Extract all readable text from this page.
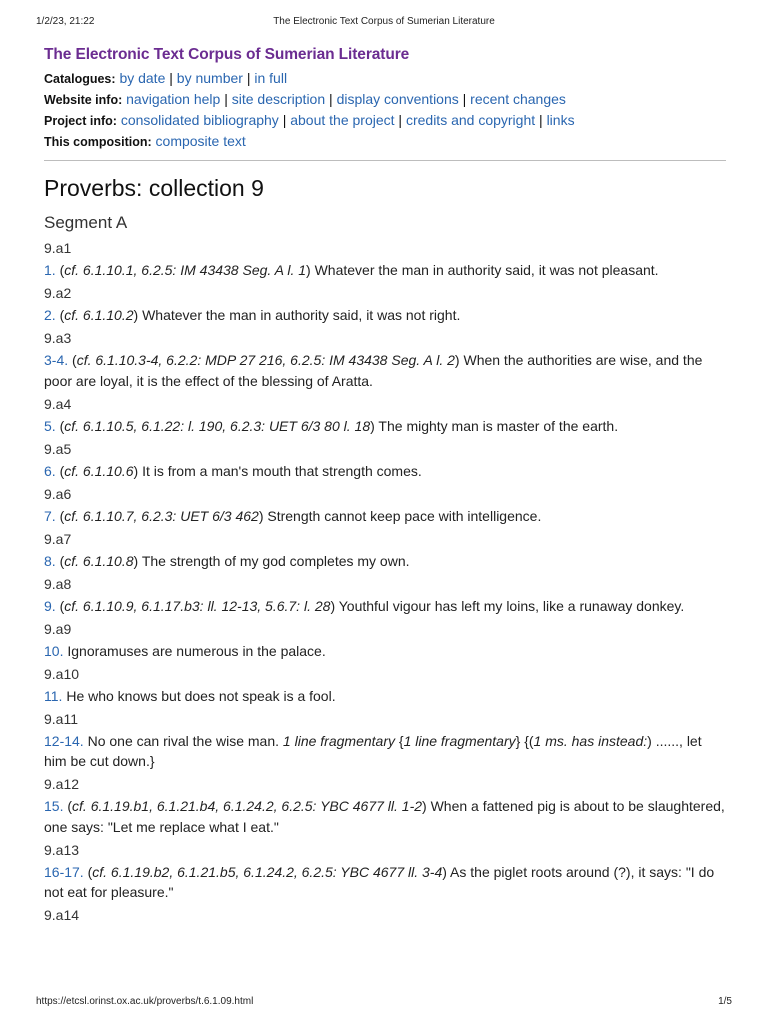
1/2/23, 21:22	The Electronic Text Corpus of Sumerian Literature
The Electronic Text Corpus of Sumerian Literature
Catalogues: by date | by number | in full
Website info: navigation help | site description | display conventions | recent changes
Project info: consolidated bibliography | about the project | credits and copyright | links
This composition: composite text
Proverbs: collection 9
Segment A
9.a1
1. (cf. 6.1.10.1, 6.2.5: IM 43438 Seg. A l. 1) Whatever the man in authority said, it was not pleasant.
9.a2
2. (cf. 6.1.10.2) Whatever the man in authority said, it was not right.
9.a3
3-4. (cf. 6.1.10.3-4, 6.2.2: MDP 27 216, 6.2.5: IM 43438 Seg. A l. 2) When the authorities are wise, and the poor are loyal, it is the effect of the blessing of Aratta.
9.a4
5. (cf. 6.1.10.5, 6.1.22: l. 190, 6.2.3: UET 6/3 80 l. 18) The mighty man is master of the earth.
9.a5
6. (cf. 6.1.10.6) It is from a man's mouth that strength comes.
9.a6
7. (cf. 6.1.10.7, 6.2.3: UET 6/3 462) Strength cannot keep pace with intelligence.
9.a7
8. (cf. 6.1.10.8) The strength of my god completes my own.
9.a8
9. (cf. 6.1.10.9, 6.1.17.b3: ll. 12-13, 5.6.7: l. 28) Youthful vigour has left my loins, like a runaway donkey.
9.a9
10. Ignoramuses are numerous in the palace.
9.a10
11. He who knows but does not speak is a fool.
9.a11
12-14. No one can rival the wise man. 1 line fragmentary {1 line fragmentary} {(1 ms. has instead:) ......, let him be cut down.}
9.a12
15. (cf. 6.1.19.b1, 6.1.21.b4, 6.1.24.2, 6.2.5: YBC 4677 ll. 1-2) When a fattened pig is about to be slaughtered, one says: "Let me replace what I eat."
9.a13
16-17. (cf. 6.1.19.b2, 6.1.21.b5, 6.1.24.2, 6.2.5: YBC 4677 ll. 3-4) As the piglet roots around (?), it says: "I do not eat for pleasure."
9.a14
https://etcsl.orinst.ox.ac.uk/proverbs/t.6.1.09.html	1/5
